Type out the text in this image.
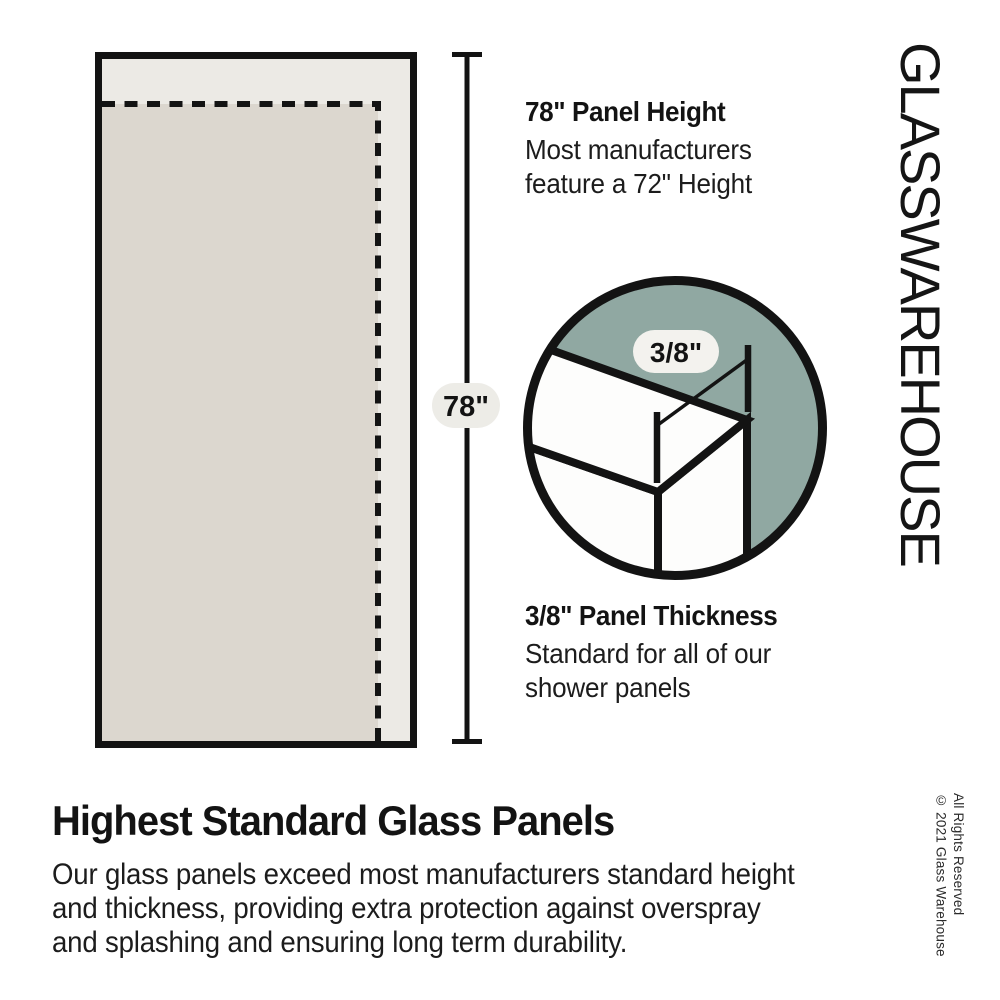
78"
78" Panel Height
Most manufacturers
feature a 72" Height
3/8"
3/8" Panel Thickness
Standard for all of our
shower panels
GLASSWAREHOUSE
Highest Standard Glass Panels
Our glass panels exceed most manufacturers standard height
and thickness, providing extra protection against overspray
and splashing and ensuring long term durability.	© 2021 Glass Warehouse All Rights Reserved
